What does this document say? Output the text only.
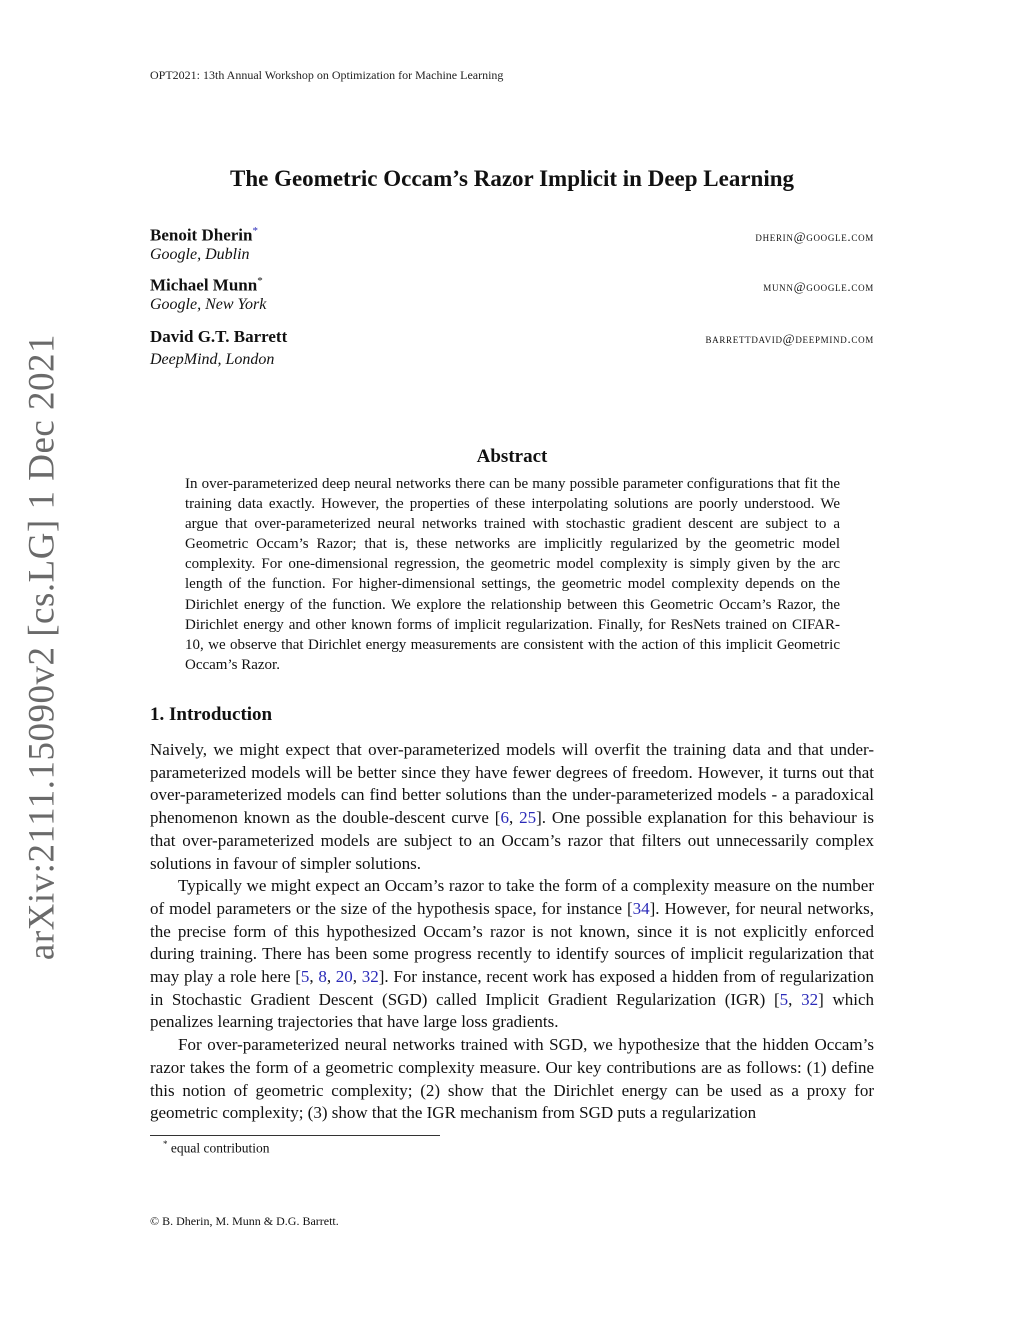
OPT2021: 13th Annual Workshop on Optimization for Machine Learning
The Geometric Occam’s Razor Implicit in Deep Learning
Benoit Dherin*
Google, Dublin
dherin@google.com
Michael Munn*
Google, New York
munn@google.com
David G.T. Barrett
DeepMind, London
barrettdavid@deepmind.com
arXiv:2111.15090v2 [cs.LG] 1 Dec 2021	Abstract
In over-parameterized deep neural networks there can be many possible parameter configurations that fit the training data exactly. However, the properties of these interpolating solutions are poorly understood. We argue that over-parameterized neural networks trained with stochastic gradient descent are subject to a Geometric Occam’s Razor; that is, these networks are implicitly regularized by the geometric model complexity. For one-dimensional regression, the geometric model complexity is simply given by the arc length of the function. For higher-dimensional settings, the geometric model complexity depends on the Dirichlet energy of the function. We explore the relationship between this Geometric Occam’s Razor, the Dirichlet energy and other known forms of implicit regularization. Finally, for ResNets trained on CIFAR-10, we observe that Dirichlet energy measurements are consistent with the action of this implicit Geometric Occam’s Razor.
1. Introduction

Naively, we might expect that over-parameterized models will overfit the training data and that under-parameterized models will be better since they have fewer degrees of freedom. However, it turns out that over-parameterized models can find better solutions than the under-parameterized models - a paradoxical phenomenon known as the double-descent curve [6, 25]. One possible explanation for this behaviour is that over-parameterized models are subject to an Occam’s razor that filters out unnecessarily complex solutions in favour of simpler solutions.

Typically we might expect an Occam’s razor to take the form of a complexity measure on the number of model parameters or the size of the hypothesis space, for instance [34]. However, for neural networks, the precise form of this hypothesized Occam’s razor is not known, since it is not explicitly enforced during training. There has been some progress recently to identify sources of implicit regularization that may play a role here [5, 8, 20, 32]. For instance, recent work has exposed a hidden from of regularization in Stochastic Gradient Descent (SGD) called Implicit Gradient Regularization (IGR) [5, 32] which penalizes learning trajectories that have large loss gradients.

For over-parameterized neural networks trained with SGD, we hypothesize that the hidden Occam’s razor takes the form of a geometric complexity measure. Our key contributions are as follows: (1) define this notion of geometric complexity; (2) show that the Dirichlet energy can be used as a proxy for geometric complexity; (3) show that the IGR mechanism from SGD puts a regularization

* equal contribution
© B. Dherin, M. Munn & D.G. Barrett.
